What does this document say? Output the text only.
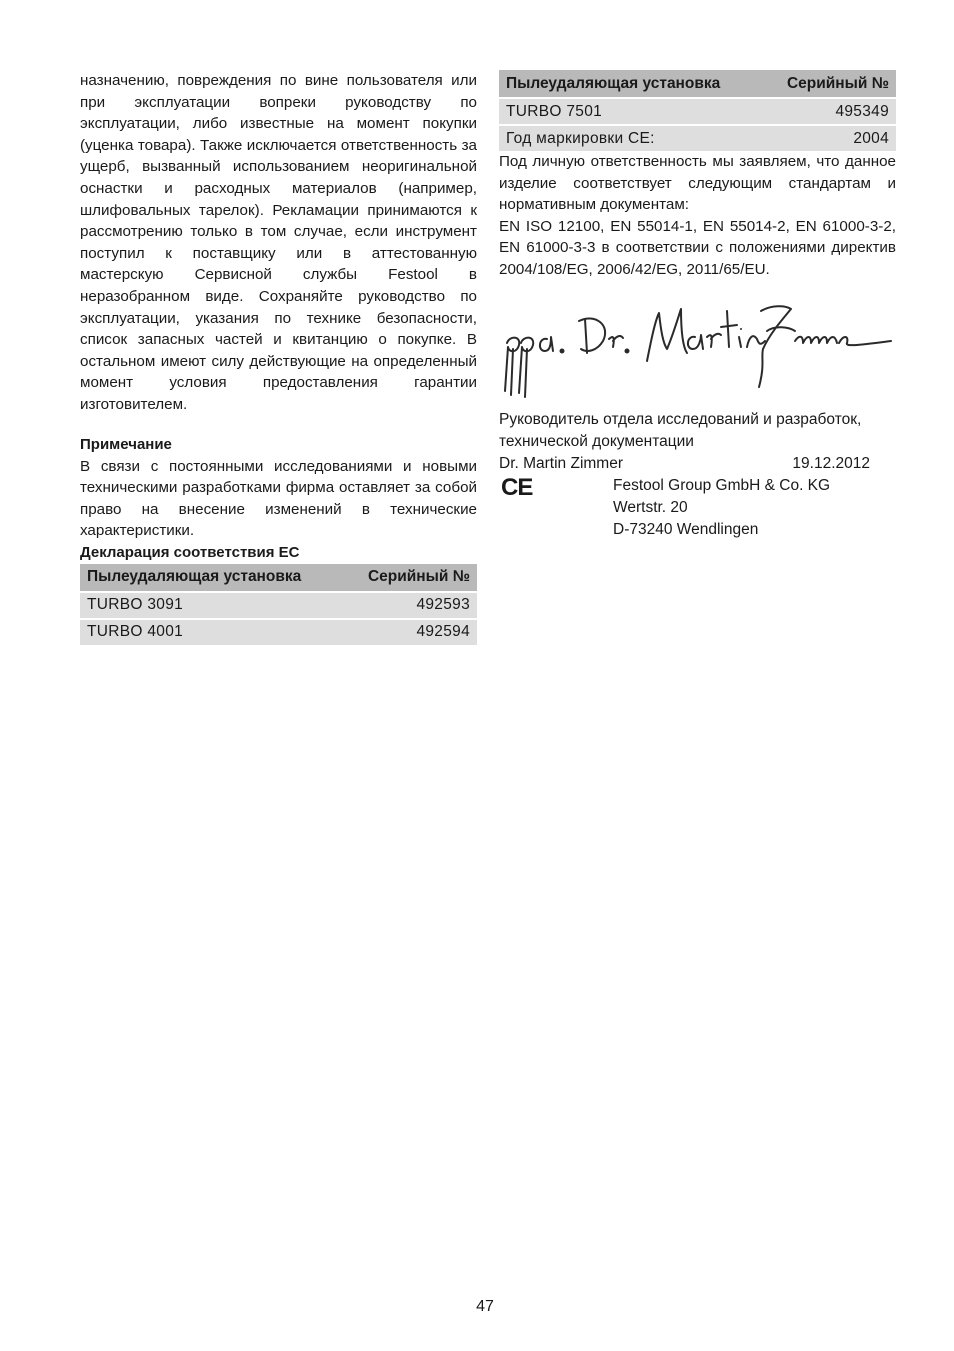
назначению, повреждения по вине пользователя или при эксплуатации вопреки руководству по эксплуатации, либо известные на момент покупки (уценка товара). Также исключается ответственность за ущерб, вызванный использованием неоригинальной оснастки и расходных материалов (например, шлифовальных тарелок). Рекламации принимаются к рассмотрению только в том случае, если инструмент поступил к поставщику или в аттестованную мастерскую Сервисной службы Festool в неразобранном виде. Сохраняйте руководство по эксплуатации, указания по технике безопасности, список запасных частей и квитанцию о покупке. В остальном имеют силу действующие на определенный момент условия предоставления гарантии изготовителем.

Примечание

В связи с постоянными исследованиями и новыми техническими разработками фирма оставляет за собой право на внесение изменений в технические характеристики.

Декларация соответствия ЕС

Пылеудаляющая установка	Серийный №
TURBO 3091	492593
TURBO 4001	492594
Пылеудаляющая установка	Серийный №
TURBO 7501	495349
Год маркировки CE:	2004

Под личную ответственность мы заявляем, что данное изделие соответствует следующим стандартам и нормативным документам:

EN ISO 12100, EN 55014-1, EN 55014-2, EN 61000-3-2, EN 61000-3-3 в соответствии с положениями директив 2004/108/EG, 2006/42/EG, 2011/65/EU.

ppa. Dr. Martin Zimmer

Руководитель отдела исследований и разработок, технической документации

Dr. Martin Zimmer	19.12.2012
CE	Festool Group GmbH & Co. KG
Wertstr. 20
D-73240 Wendlingen
47
